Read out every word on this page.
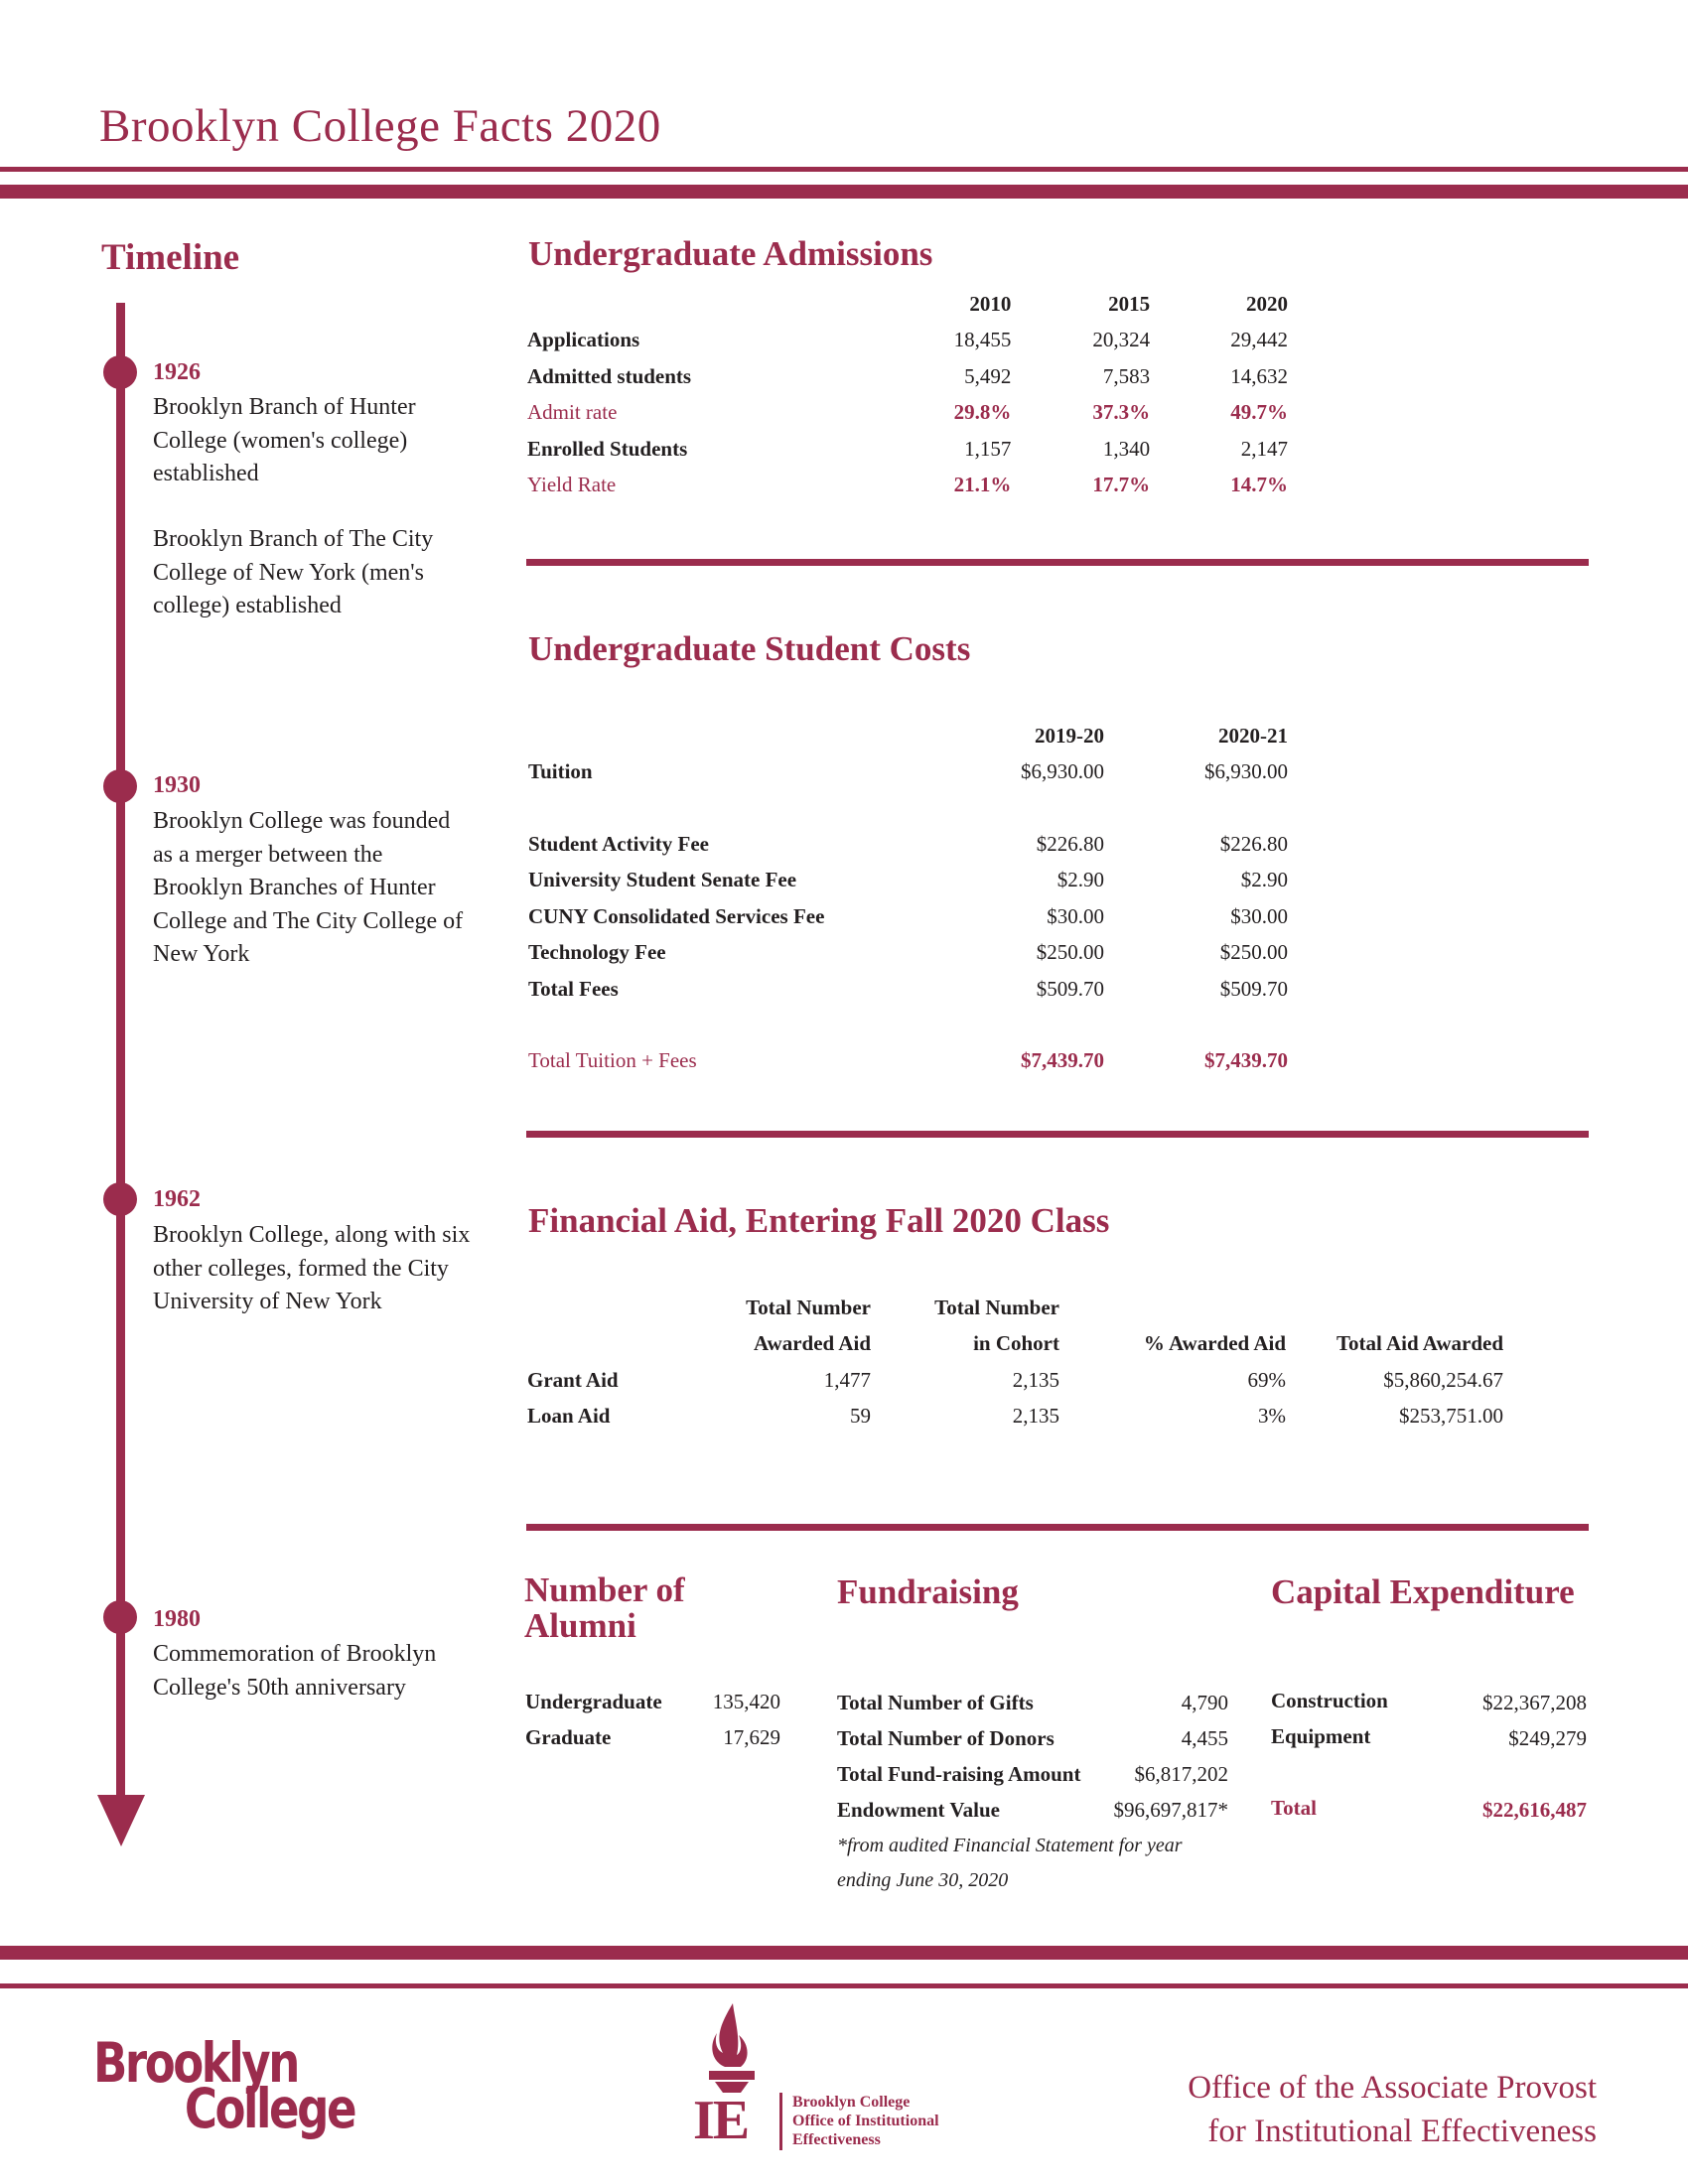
Brooklyn College Facts 2020
Timeline
1926
Brooklyn Branch of Hunter College (women's college) established
Brooklyn Branch of The City College of New York (men's college) established
1930
Brooklyn College was founded as a merger between the Brooklyn Branches of Hunter College and The City College of New York
1962
Brooklyn College, along with six other colleges, formed the City University of New York
1980
Commemoration of Brooklyn College's 50th anniversary
Undergraduate Admissions
	2010	2015	2020
Applications	18,455	20,324	29,442
Admitted students	5,492	7,583	14,632
Admit rate	29.8%	37.3%	49.7%
Enrolled Students	1,157	1,340	2,147
Yield Rate	21.1%	17.7%	14.7%
Undergraduate Student Costs
	2019-20	2020-21
Tuition	$6,930.00	$6,930.00

Student Activity Fee	$226.80	$226.80
University Student Senate Fee	$2.90	$2.90
CUNY Consolidated Services Fee	$30.00	$30.00
Technology Fee	$250.00	$250.00
Total Fees	$509.70	$509.70

Total Tuition + Fees	$7,439.70	$7,439.70
Financial Aid, Entering Fall 2020 Class
	Total Number	Total Number		
	Awarded Aid	in Cohort	% Awarded Aid	Total Aid Awarded
Grant Aid	1,477	2,135	69%	$5,860,254.67
Loan Aid	59	2,135	3%	$253,751.00
Number of
Alumni
Undergraduate	135,420
Graduate	17,629
Fundraising
Total Number of Gifts	4,790
Total Number of Donors	4,455
Total Fund-raising Amount	$6,817,202
Endowment Value	$96,697,817*
*from audited Financial Statement for year
ending June 30, 2020
Capital Expenditure
Construction	$22,367,208
Equipment	$249,279
Total	$22,616,487
Brooklyn
College	IE	Brooklyn College
Office of Institutional
Effectiveness
Office of the Associate Provost
for Institutional Effectiveness
